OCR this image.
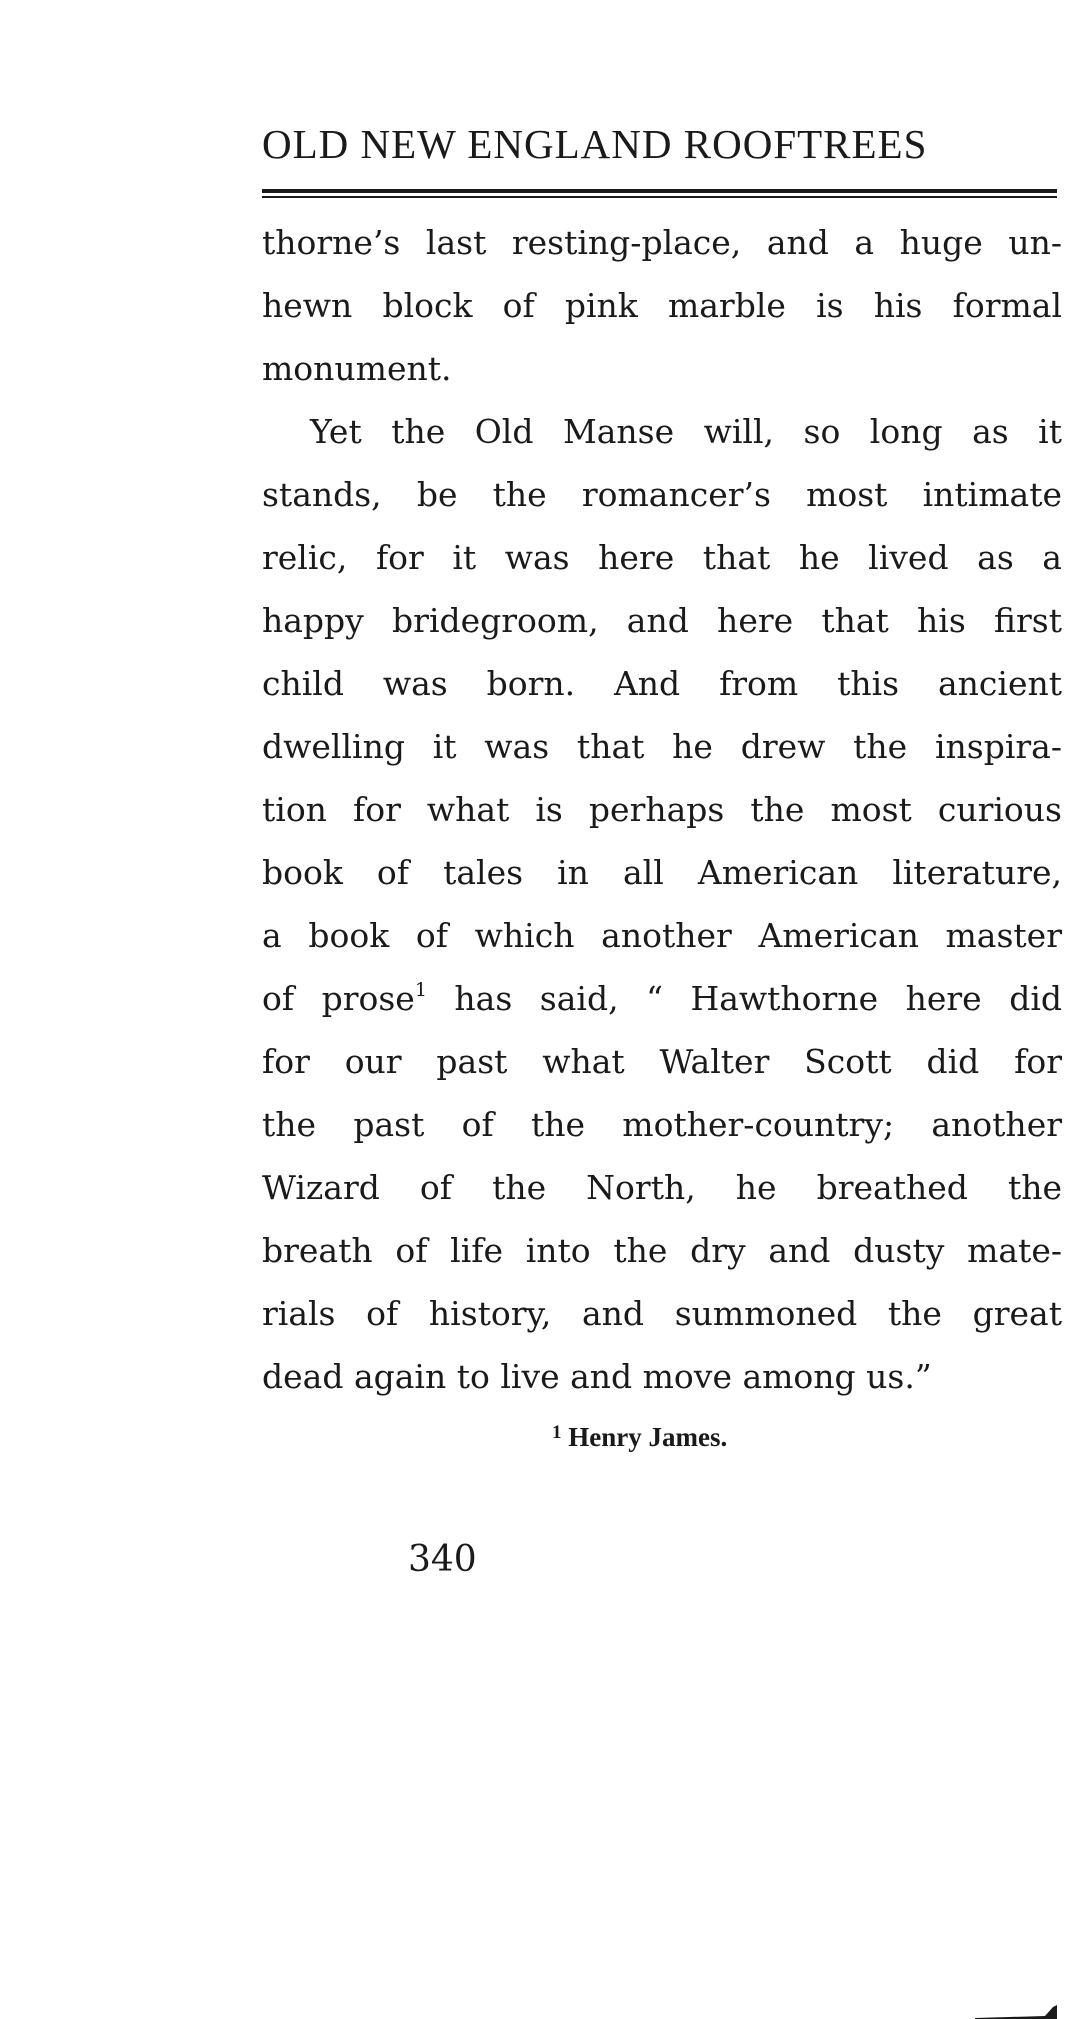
OLD NEW ENGLAND ROOFTREES
thorne’s last resting-place, and a huge un-
hewn block of pink marble is his formal
monument.
Yet the Old Manse will, so long as it
stands, be the romancer’s most intimate
relic, for it was here that he lived as a
happy bridegroom, and here that his first
child was born. And from this ancient
dwelling it was that he drew the inspira-
tion for what is perhaps the most curious
book of tales in all American literature,
a book of which another American master
of prose$^1$ has said, “ Hawthorne here did
for our past what Walter Scott did for
the past of the mother-country; another
Wizard of the North, he breathed the
breath of life into the dry and dusty mate-
rials of history, and summoned the great
dead again to live and move among us.”
$^1$ Henry James.
340
